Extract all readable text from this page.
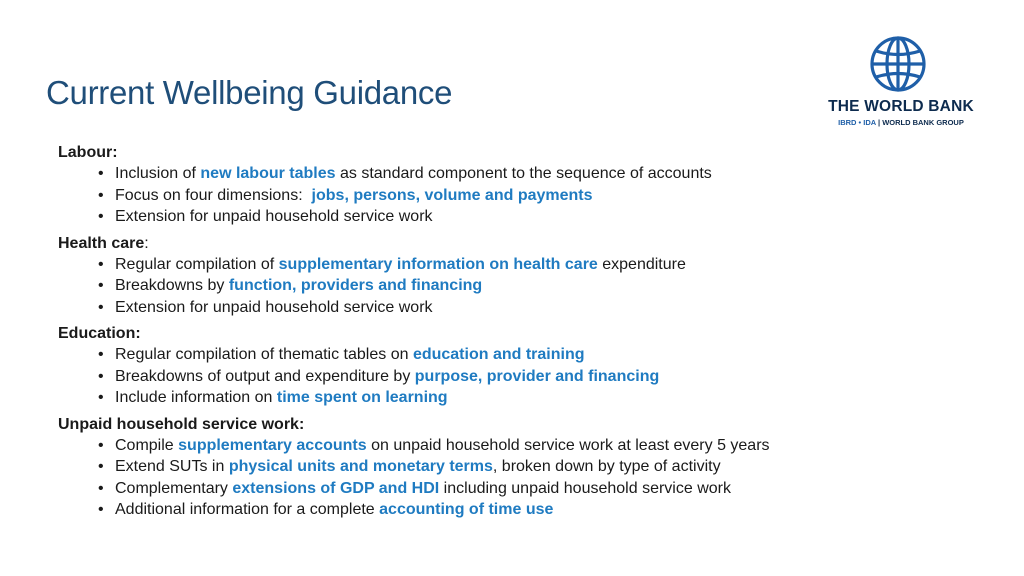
Current Wellbeing Guidance	THE WORLD BANK
IBRD • IDA | WORLD BANK GROUP
Labour:
• Inclusion of new labour tables as standard component to the sequence of accounts
• Focus on four dimensions:  jobs, persons, volume and payments
• Extension for unpaid household service work
Health care:
• Regular compilation of supplementary information on health care expenditure
• Breakdowns by function, providers and financing
• Extension for unpaid household service work
Education:
• Regular compilation of thematic tables on education and training
• Breakdowns of output and expenditure by purpose, provider and financing
• Include information on time spent on learning
Unpaid household service work:
• Compile supplementary accounts on unpaid household service work at least every 5 years
• Extend SUTs in physical units and monetary terms, broken down by type of activity
• Complementary extensions of GDP and HDI including unpaid household service work
• Additional information for a complete accounting of time use
